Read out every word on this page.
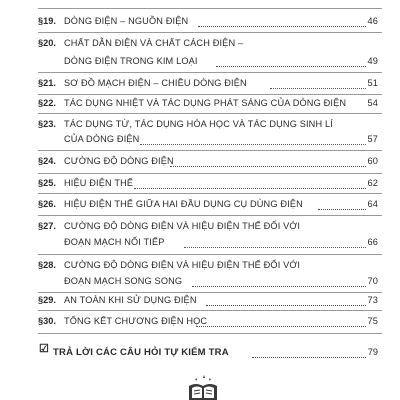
§19. DÒNG ĐIỆN – NGUỒN ĐIỆN	46
§20. CHẤT DẪN ĐIỆN VÀ CHẤT CÁCH ĐIỆN –
DÒNG ĐIỆN TRONG KIM LOẠI	49
§21. SƠ ĐỒ MẠCH ĐIỆN – CHIỀU DÒNG ĐIỆN	51
§22. TÁC DỤNG NHIỆT VÀ TÁC DỤNG PHÁT SÁNG CỦA DÒNG ĐIỆN	54
§23. TÁC DỤNG TỪ, TÁC DỤNG HÓA HỌC VÀ TÁC DỤNG SINH LÍ
CỦA DÒNG ĐIỆN	57
§24. CƯỜNG ĐỘ DÒNG ĐIỆN	60
§25. HIỆU ĐIỆN THẾ	62
§26. HIỆU ĐIỆN THẾ GIỮA HAI ĐẦU DỤNG CỤ DÙNG ĐIỆN	64
§27. CƯỜNG ĐỘ DÒNG ĐIỆN VÀ HIỆU ĐIỆN THẾ ĐỐI VỚI
ĐOẠN MẠCH NỐI TIẾP	66
§28. CƯỜNG ĐỘ DÒNG ĐIỆN VÀ HIỆU ĐIỆN THẾ ĐỐI VỚI
ĐOẠN MẠCH SONG SONG	70
§29. AN TOÀN KHI SỬ DỤNG ĐIỆN	73
§30. TỔNG KẾT CHƯƠNG ĐIỆN HỌC	75
☑ TRẢ LỜI CÁC CÂU HỎI TỰ KIỂM TRA	79
